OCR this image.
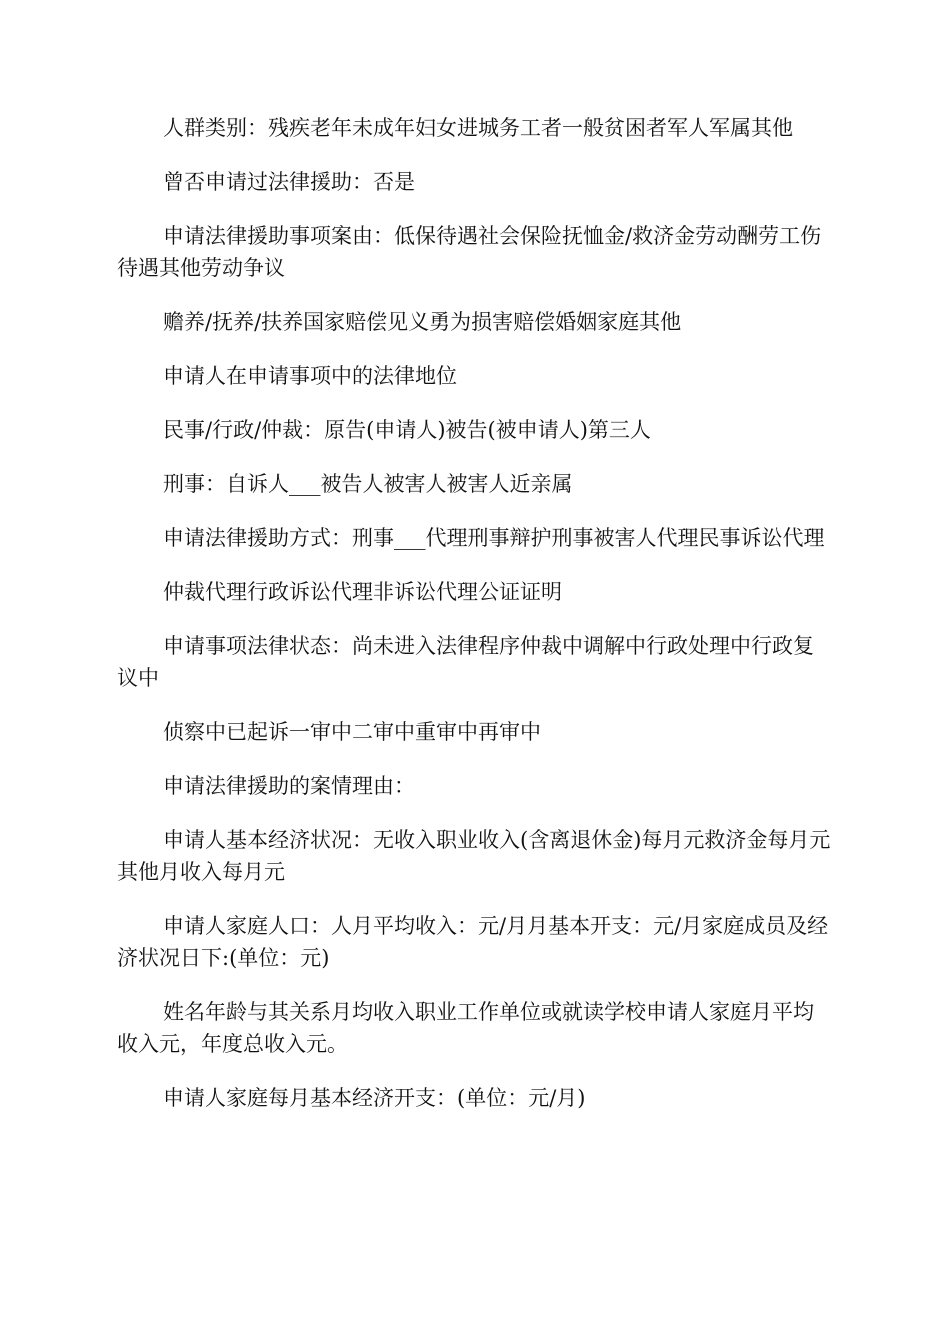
人群类别：残疾老年未成年妇女进城务工者一般贫困者军人军属其他

曾否申请过法律援助：否是

申请法律援助事项案由：低保待遇社会保险抚恤金/救济金劳动酬劳工伤待遇其他劳动争议

赡养/抚养/扶养国家赔偿见义勇为损害赔偿婚姻家庭其他

申请人在申请事项中的法律地位

民事/行政/仲裁：原告(申请人)被告(被申请人)第三人

刑事：自诉人___被告人被害人被害人近亲属

申请法律援助方式：刑事___代理刑事辩护刑事被害人代理民事诉讼代理

仲裁代理行政诉讼代理非诉讼代理公证证明

申请事项法律状态：尚未进入法律程序仲裁中调解中行政处理中行政复议中

侦察中已起诉一审中二审中重审中再审中

申请法律援助的案情理由：

申请人基本经济状况：无收入职业收入(含离退休金)每月元救济金每月元其他月收入每月元

申请人家庭人口：人月平均收入：元/月月基本开支：元/月家庭成员及经济状况日下:(单位：元)

姓名年龄与其关系月均收入职业工作单位或就读学校申请人家庭月平均收入元，年度总收入元。

申请人家庭每月基本经济开支：(单位：元/月)
